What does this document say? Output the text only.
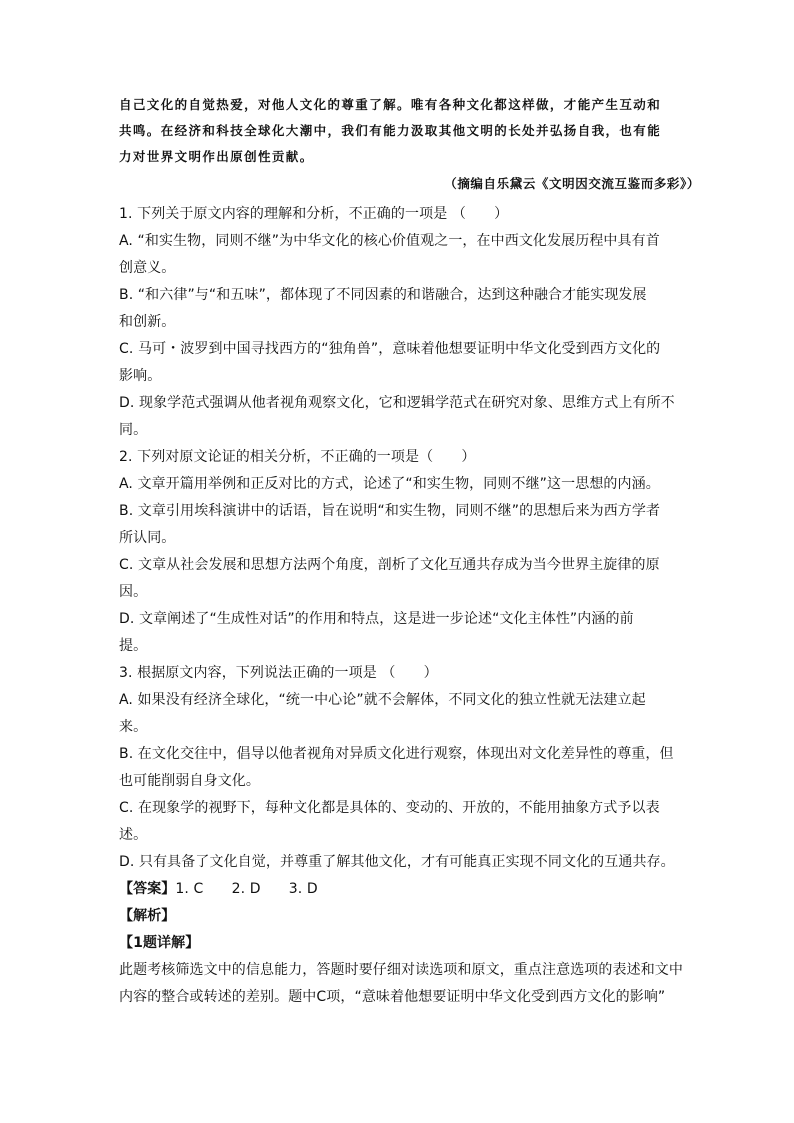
自己文化的自觉热爱，对他人文化的尊重了解。唯有各种文化都这样做，才能产生互动和
共鸣。在经济和科技全球化大潮中，我们有能力汲取其他文明的长处并弘扬自我，也有能
力对世界文明作出原创性贡献。
（摘编自乐黛云《文明因交流互鉴而多彩》）
1. 下列关于原文内容的理解和分析，不正确的一项是 （　　）
A. “和实生物，同则不继”为中华文化的核心价值观之一，在中西文化发展历程中具有首
创意义。
B. “和六律”与“和五味”，都体现了不同因素的和谐融合，达到这种融合才能实现发展
和创新。
C. 马可・波罗到中国寻找西方的“独角兽”，意味着他想要证明中华文化受到西方文化的
影响。
D. 现象学范式强调从他者视角观察文化，它和逻辑学范式在研究对象、思维方式上有所不
同。
2. 下列对原文论证的相关分析，不正确的一项是（　　）
A. 文章开篇用举例和正反对比的方式，论述了“和实生物，同则不继”这一思想的内涵。
B. 文章引用埃科演讲中的话语，旨在说明“和实生物，同则不继”的思想后来为西方学者
所认同。
C. 文章从社会发展和思想方法两个角度，剖析了文化互通共存成为当今世界主旋律的原
因。
D. 文章阐述了“生成性对话”的作用和特点，这是进一步论述“文化主体性”内涵的前
提。
3. 根据原文内容，下列说法正确的一项是 （　　）
A. 如果没有经济全球化，“统一中心论”就不会解体，不同文化的独立性就无法建立起
来。
B. 在文化交往中，倡导以他者视角对异质文化进行观察，体现出对文化差异性的尊重，但
也可能削弱自身文化。
C. 在现象学的视野下，每种文化都是具体的、变动的、开放的，不能用抽象方式予以表
述。
D. 只有具备了文化自觉，并尊重了解其他文化，才有可能真正实现不同文化的互通共存。
【答案】1. C　　2. D　　3. D
【解析】
【1题详解】
此题考核筛选文中的信息能力，答题时要仔细对读选项和原文，重点注意选项的表述和文中
内容的整合或转述的差别。题中C项，“意味着他想要证明中华文化受到西方文化的影响”
